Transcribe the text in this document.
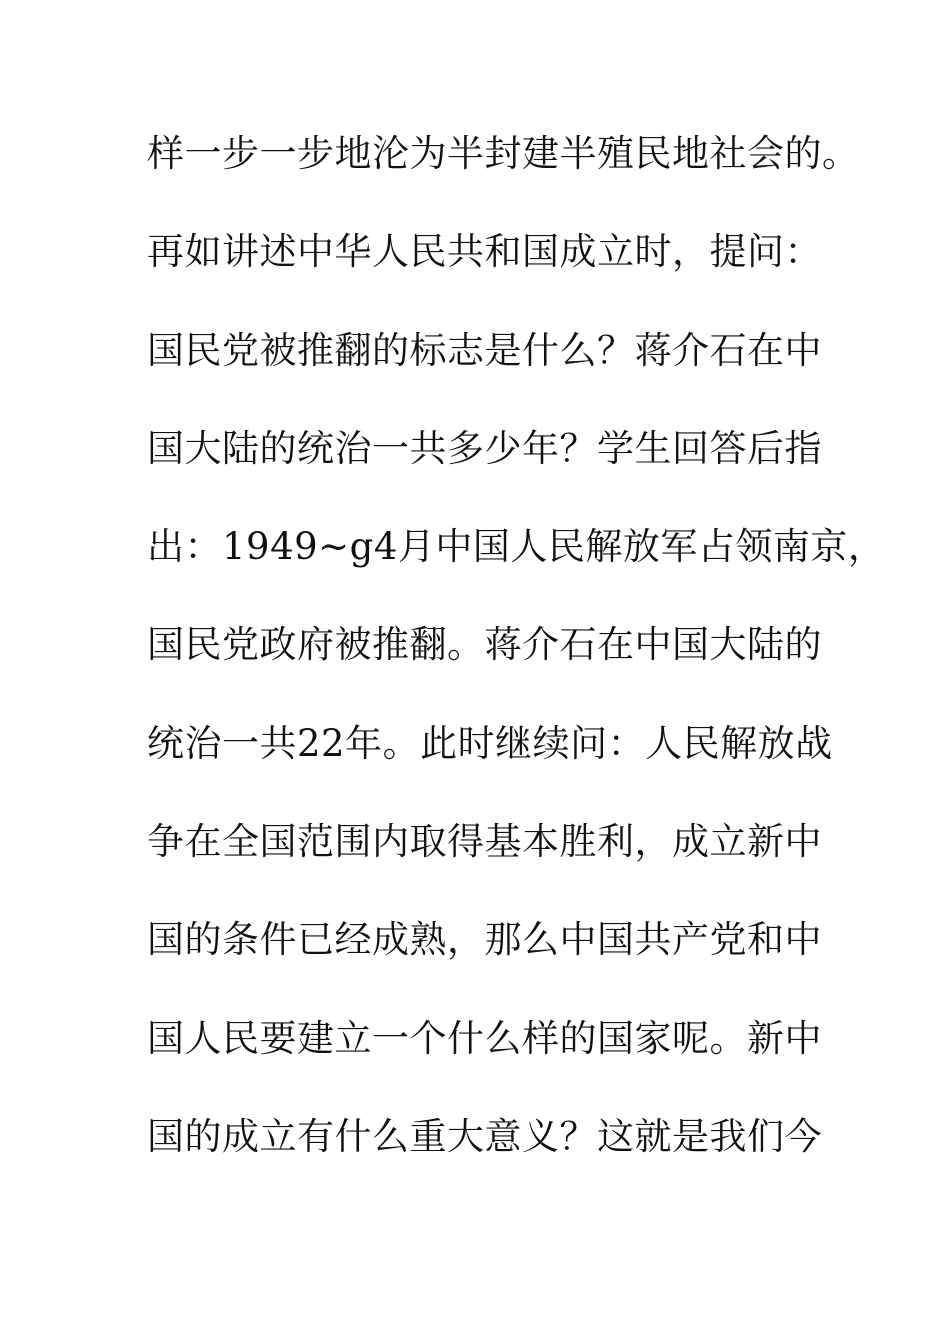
样一步一步地沦为半封建半殖民地社会的。
再如讲述中华人民共和国成立时，提问：
国民党被推翻的标志是什么？蒋介石在中
国大陆的统治一共多少年？学生回答后指
出：1949~g4月中国人民解放军占领南京，
国民党政府被推翻。蒋介石在中国大陆的
统治一共22年。此时继续问：人民解放战
争在全国范围内取得基本胜利，成立新中
国的条件已经成熟，那么中国共产党和中
国人民要建立一个什么样的国家呢。新中
国的成立有什么重大意义？这就是我们今
